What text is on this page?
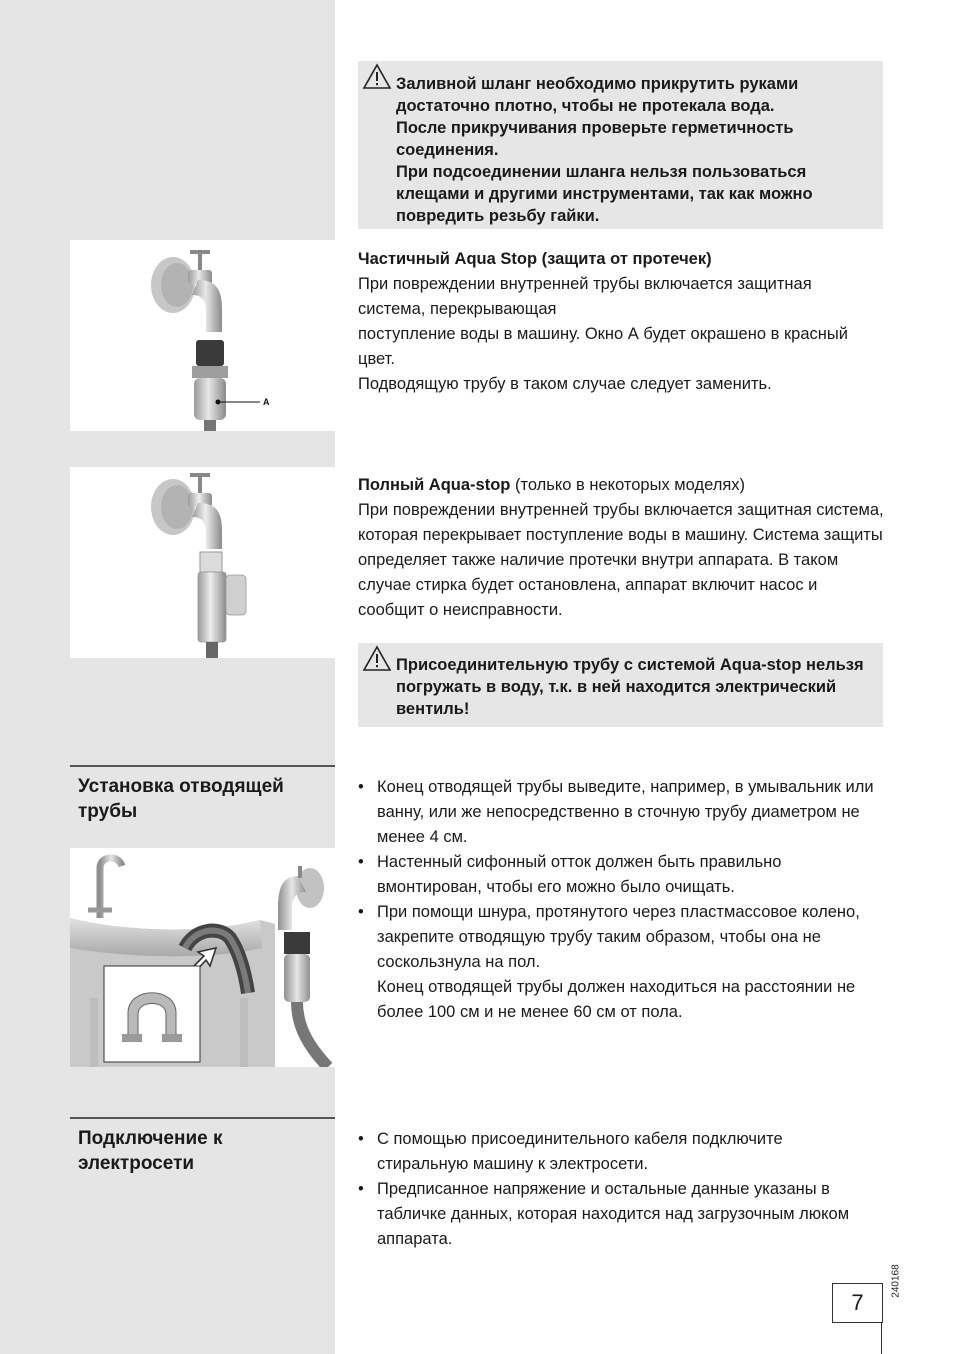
Заливной шланг необходимо прикрутить руками достаточно плотно, чтобы не протекала вода.

После прикручивания проверьте герметичность соединения.

При подсоединении шланга нельзя пользоваться клещами и другими инструментами, так как можно повредить резьбу гайки.

A

Частичный Aqua Stop (защита от протечек)

При повреждении внутренней трубы включается защитная система, перекрывающая

поступление воды в машину. Окно А будет окрашено в красный цвет.

Подводящую трубу в таком случае следует заменить.

Полный Aqua-stop (только в некоторых моделях)

При повреждении внутренней трубы включается защитная система, которая перекрывает поступление воды в машину. Система защиты определяет также наличие протечки внутри аппарата. В таком случае стирка будет остановлена, аппарат включит насос и сообщит о неисправности.

Присоединительную трубу с системой Aqua-stop нельзя погружать в воду, т.к. в ней находится электрический вентиль!

Установка отводящей трубы
• Конец отводящей трубы выведите, например, в умывальник или ванну, или же непосредственно в сточную трубу диаметром не менее 4 см.
• Настенный сифонный отток должен быть правильно вмонтирован, чтобы его можно было очищать.
• При помощи шнура, протянутого через пластмассовое колено, закрепите отводящую трубу таким образом, чтобы она не соскользнула на пол.
Конец отводящей трубы должен находиться на расстоянии не более 100 см и не менее 60 см от пола.
Подключение к электросети
• С помощью присоединительного кабеля подключите стиральную машину к электросети.
• Предписанное напряжение и остальные данные указаны в табличке данных, которая находится над загрузочным люком аппарата.
240168
7
